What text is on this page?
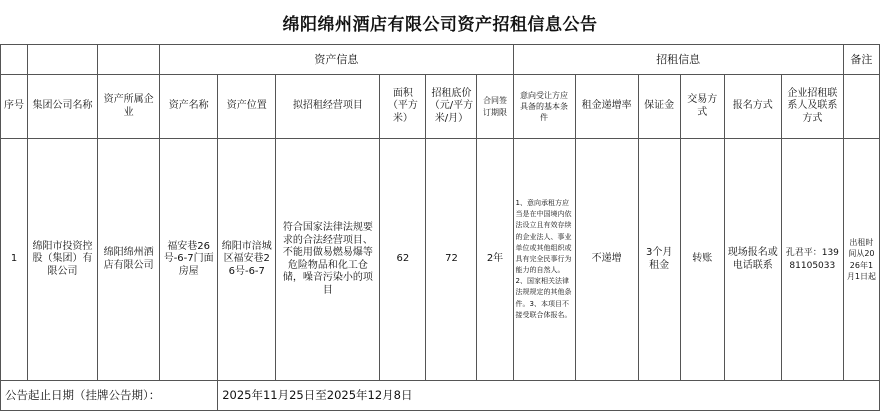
绵阳绵州酒店有限公司资产招租信息公告
			资产信息						招租信息						备注
序号	集团公司名称	资产所属企业	资产名称	资产位置	拟招租经营项目	面积（平方米）	招租底价（元/平方米/月）	合同签订期限	意向受让方应具备的基本条件	租金递增率	保证金	交易方式	报名方式	企业招租联系人及联系方式	
1	绵阳市投资控股（集团）有限公司	绵阳绵州酒店有限公司	福安巷26号-6-7门面房屋	绵阳市涪城区福安巷26号-6-7	符合国家法律法规要求的合法经营项目、不能用做易燃易爆等危险物品和化工仓储，噪音污染小的项目	62	72	2年	1、意向承租方应当是在中国境内依法设立且有效存续的企业法人、事业单位或其他组织或具有完全民事行为能力的自然人。2、国家相关法律法规规定的其他条件。3、本项目不接受联合体报名。	不递增	3个月租金	转账	现场报名或电话联系	孔君平：13981105033	出租时间从2026年1月1日起
公告起止日期（挂牌公告期）：				2025年11月25日至2025年12月8日											
